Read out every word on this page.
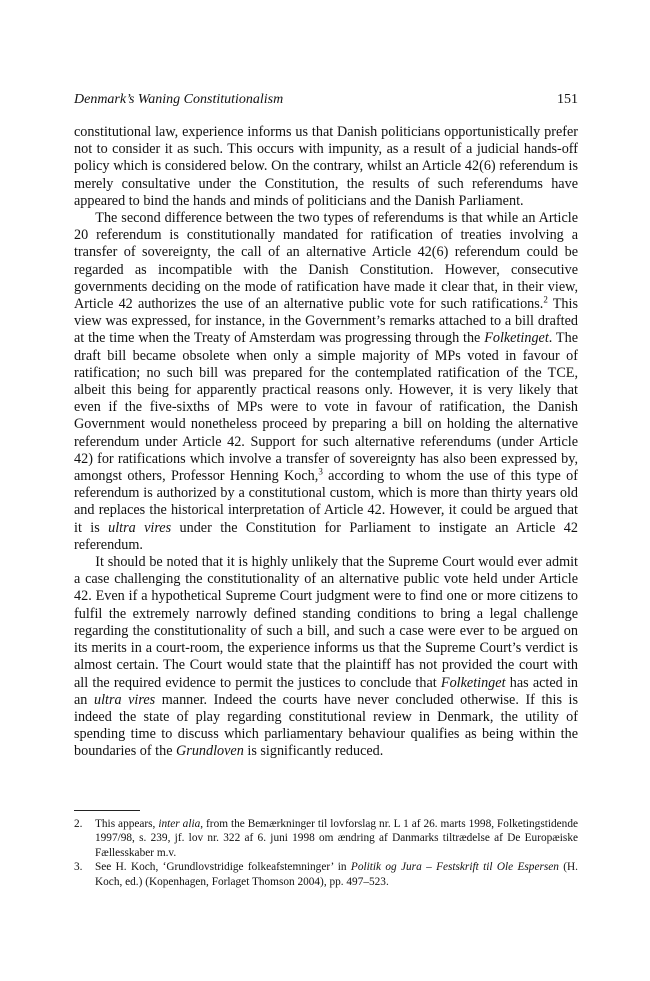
Denmark’s Waning Constitutionalism	151

constitutional law, experience informs us that Danish politicians opportunistically prefer not to consider it as such. This occurs with impunity, as a result of a judicial hands-off policy which is considered below. On the contrary, whilst an Article 42(6) referendum is merely consultative under the Constitution, the results of such referendums have appeared to bind the hands and minds of politicians and the Danish Parliament.

The second difference between the two types of referendums is that while an Article 20 referendum is constitutionally mandated for ratification of treaties involving a transfer of sovereignty, the call of an alternative Article 42(6) referendum could be regarded as incompatible with the Danish Constitution. However, consecutive governments deciding on the mode of ratification have made it clear that, in their view, Article 42 authorizes the use of an alternative public vote for such ratifications.$^2$ This view was expressed, for instance, in the Government’s remarks attached to a bill drafted at the time when the Treaty of Amsterdam was progressing through the Folketinget. The draft bill became obsolete when only a simple majority of MPs voted in favour of ratification; no such bill was prepared for the contemplated ratification of the TCE, albeit this being for apparently practical reasons only. However, it is very likely that even if the five-sixths of MPs were to vote in favour of ratification, the Danish Government would nonetheless proceed by preparing a bill on holding the alternative referendum under Article 42. Support for such alternative referendums (under Article 42) for ratifications which involve a transfer of sovereignty has also been expressed by, amongst others, Professor Henning Koch,$^3$ according to whom the use of this type of referendum is authorized by a constitutional custom, which is more than thirty years old and replaces the historical interpretation of Article 42. However, it could be argued that it is ultra vires under the Constitution for Parliament to instigate an Article 42 referendum.

It should be noted that it is highly unlikely that the Supreme Court would ever admit a case challenging the constitutionality of an alternative public vote held under Article 42. Even if a hypothetical Supreme Court judgment were to find one or more citizens to fulfil the extremely narrowly defined standing conditions to bring a legal challenge regarding the constitutionality of such a bill, and such a case were ever to be argued on its merits in a court-room, the experience informs us that the Supreme Court’s verdict is almost certain. The Court would state that the plaintiff has not provided the court with all the required evidence to permit the justices to conclude that Folketinget has acted in an ultra vires manner. Indeed the courts have never concluded otherwise. If this is indeed the state of play regarding constitutional review in Denmark, the utility of spending time to discuss which parliamentary behaviour qualifies as being within the boundaries of the Grundloven is significantly reduced.

2.	This appears, inter alia, from the Bemærkninger til lovforslag nr. L 1 af 26. marts 1998, Folketingstidende 1997/98, s. 239, jf. lov nr. 322 af 6. juni 1998 om ændring af Danmarks tiltrædelse af De Europæiske Fællesskaber m.v.
3.	See H. Koch, ‘Grundlovstridige folkeafstemninger’ in Politik og Jura – Festskrift til Ole Espersen (H. Koch, ed.) (Kopenhagen, Forlaget Thomson 2004), pp. 497–523.
